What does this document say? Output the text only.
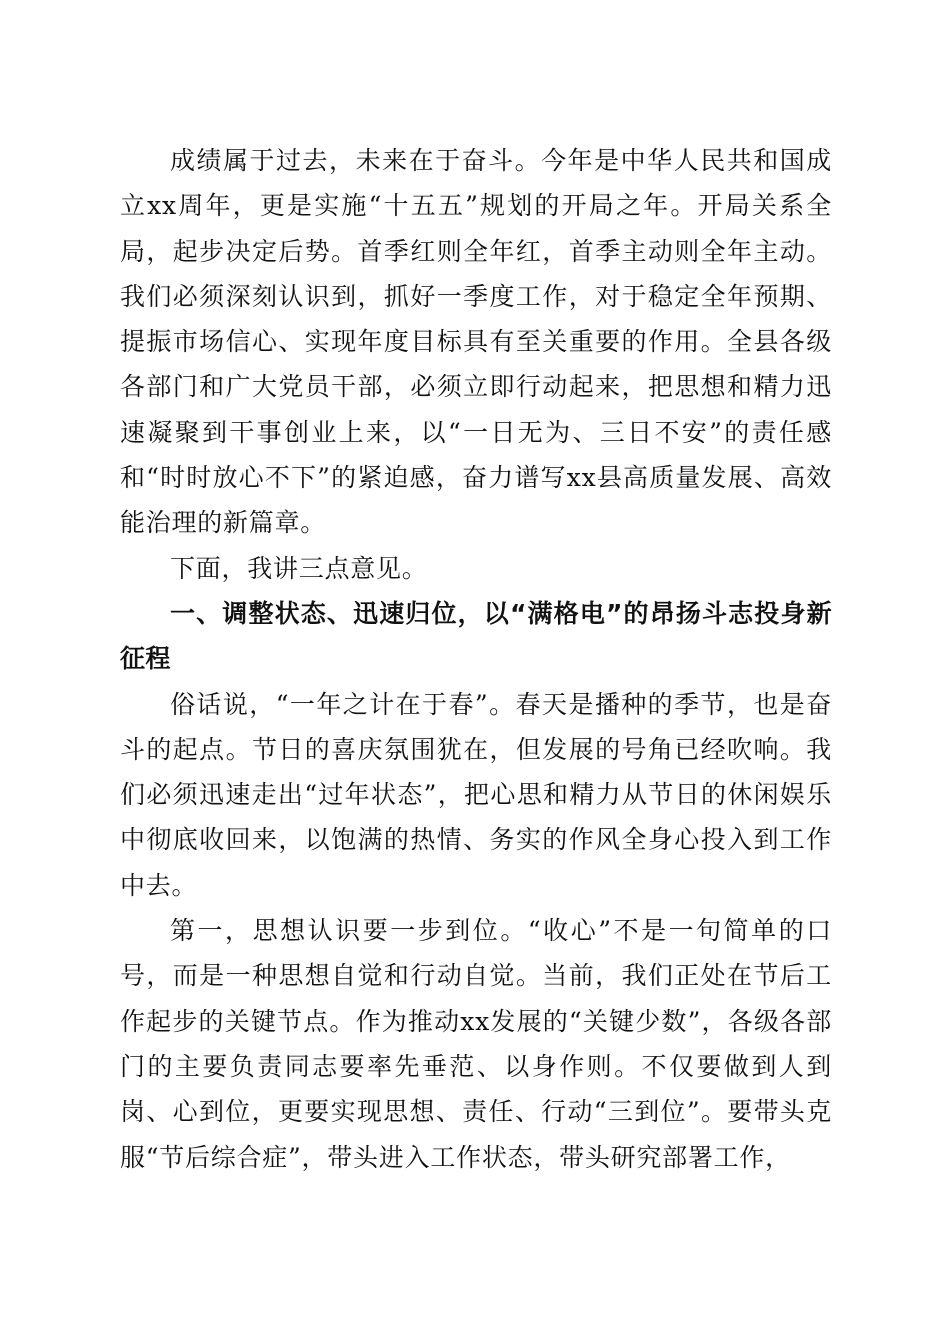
成绩属于过去，未来在于奋斗。今年是中华人民共和国成立xx周年，更是实施“十五五”规划的开局之年。开局关系全局，起步决定后势。首季红则全年红，首季主动则全年主动。我们必须深刻认识到，抓好一季度工作，对于稳定全年预期、提振市场信心、实现年度目标具有至关重要的作用。全县各级各部门和广大党员干部，必须立即行动起来，把思想和精力迅速凝聚到干事创业上来，以“一日无为、三日不安”的责任感和“时时放心不下”的紧迫感，奋力谱写xx县高质量发展、高效能治理的新篇章。

下面，我讲三点意见。

一、调整状态、迅速归位，以“满格电”的昂扬斗志投身新征程

俗话说，“一年之计在于春”。春天是播种的季节，也是奋斗的起点。节日的喜庆氛围犹在，但发展的号角已经吹响。我们必须迅速走出“过年状态”，把心思和精力从节日的休闲娱乐中彻底收回来，以饱满的热情、务实的作风全身心投入到工作中去。

第一，思想认识要一步到位。“收心”不是一句简单的口号，而是一种思想自觉和行动自觉。当前，我们正处在节后工作起步的关键节点。作为推动xx发展的“关键少数”，各级各部门的主要负责同志要率先垂范、以身作则。不仅要做到人到岗、心到位，更要实现思想、责任、行动“三到位”。要带头克服“节后综合症”，带头进入工作状态，带头研究部署工作，
